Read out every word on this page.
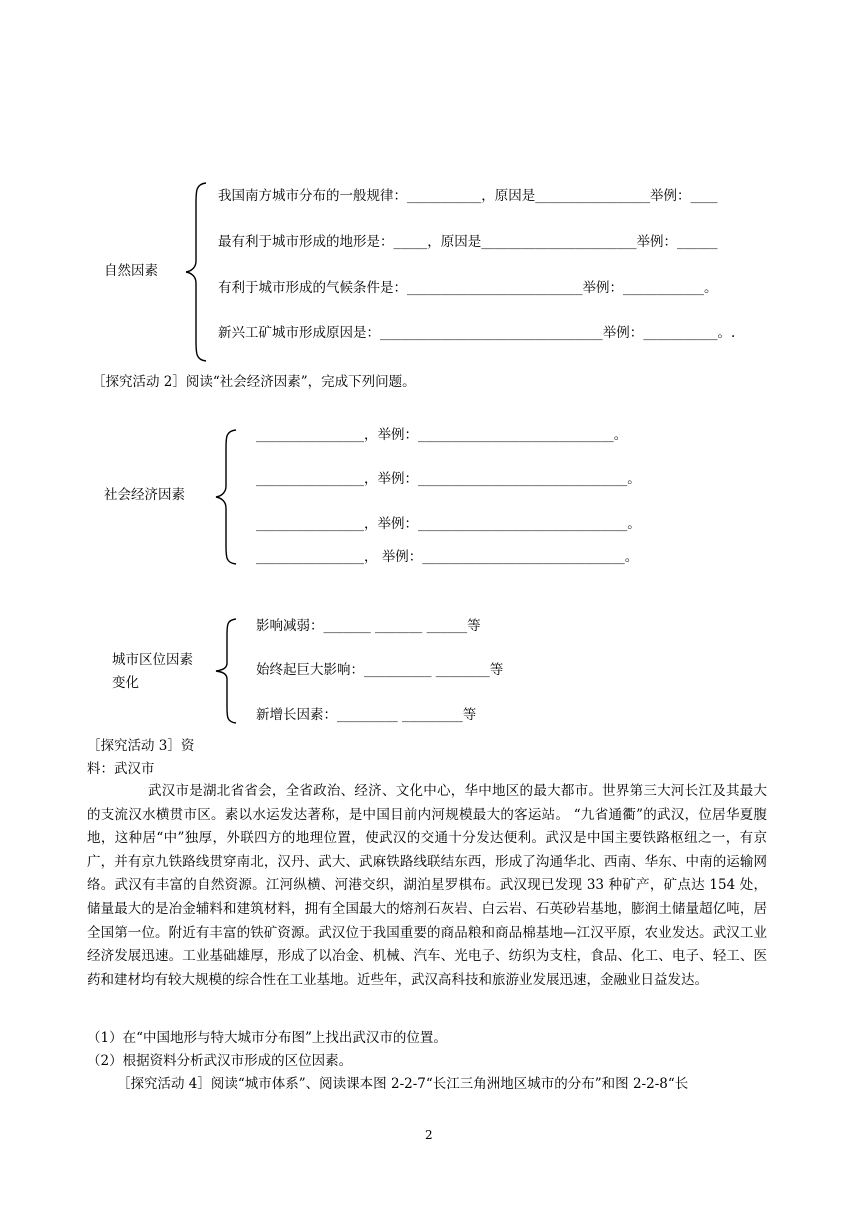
自然因素
我国南方城市分布的一般规律：___________，原因是_________________举例：____
最有利于城市形成的地形是：_____，原因是_______________________举例：______
有利于城市形成的气候条件是：__________________________举例：____________。
新兴工矿城市形成原因是：_________________________________举例：___________。.
［探究活动 2］阅读“社会经济因素”，完成下列问题。
社会经济因素
________________，举例：_____________________________。
________________，举例：_______________________________。
________________，举例：_______________________________。
________________， 举例：______________________________。
城市区位因素
变化
影响减弱：_______ _______ ______等
始终起巨大影响：__________ ________等
新增长因素：_________ _________等
［探究活动 3］资
料：武汉市
武汉市是湖北省省会，全省政治、经济、文化中心，华中地区的最大都市。世界第三大河长江及其最大的支流汉水横贯市区。素以水运发达著称，是中国目前内河规模最大的客运站。 “九省通衢”的武汉，位居华夏腹地，这种居“中”独厚，外联四方的地理位置，使武汉的交通十分发达便利。武汉是中国主要铁路枢纽之一，有京广，并有京九铁路线贯穿南北，汉丹、武大、武麻铁路线联结东西，形成了沟通华北、西南、华东、中南的运输网络。武汉有丰富的自然资源。江河纵横、河港交织，湖泊星罗棋布。武汉现已发现 33 种矿产，矿点达 154 处，储量最大的是冶金辅料和建筑材料，拥有全国最大的熔剂石灰岩、白云岩、石英砂岩基地，膨润土储量超亿吨，居全国第一位。附近有丰富的铁矿资源。武汉位于我国重要的商品粮和商品棉基地—江汉平原，农业发达。武汉工业经济发展迅速。工业基础雄厚，形成了以冶金、机械、汽车、光电子、纺织为支柱，食品、化工、电子、轻工、医药和建材均有较大规模的综合性在工业基地。近些年，武汉高科技和旅游业发展迅速，金融业日益发达。
（1）在“中国地形与特大城市分布图”上找出武汉市的位置。
（2）根据资料分析武汉市形成的区位因素。
［探究活动 4］阅读“城市体系”、阅读课本图 2-2-7“长江三角洲地区城市的分布”和图 2-2-8“长
2
